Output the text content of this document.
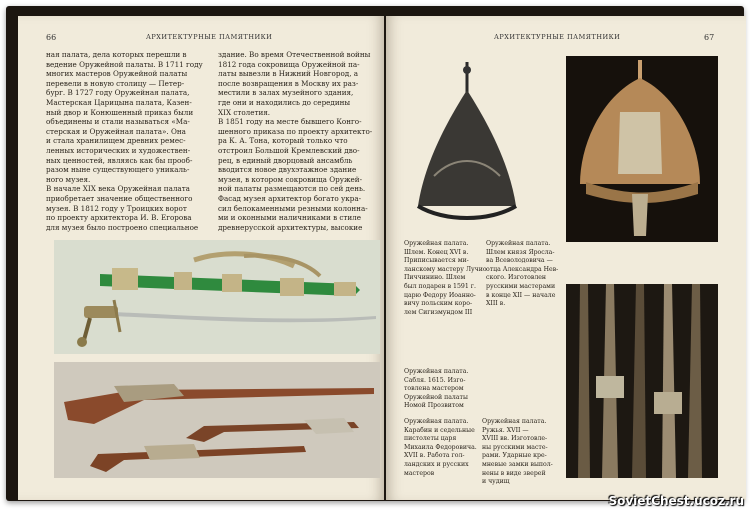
66	АРХИТЕКТУРНЫЕ ПАМЯТНИКИ
ная палата, дела которых перешли в
ведение Оружейной палаты. В 1711 году
многих мастеров Оружейной палаты
перевели в новую столицу — Петер-
бург. В 1727 году Оружейная палата,
Мастерская Царицына палата, Казен-
ный двор и Конюшенный приказ были
объединены и стали называться «Ма-
стерская и Оружейная палата». Она
и стала хранилищем древних ремес-
ленных исторических и художествен-
ных ценностей, являясь как бы прооб-
разом ныне существующего уникаль-
ного музея.
В начале XIX века Оружейная палата
приобретает значение общественного
музея. В 1812 году у Троицких ворот
по проекту архитектора И. В. Егорова
для музея было построено специальное
здание. Во время Отечественной войны
1812 года сокровища Оружейной па-
латы вывезли в Нижний Новгород, а
после возвращения в Москву их раз-
местили в залах музейного здания,
где они и находились до середины
XIX столетия.
В 1851 году на месте бывшего Конго-
шенного приказа по проекту архитекто-
ра К. А. Тона, который только что
отстроил Большой Кремлевский дво-
рец, в единый дворцовый ансамбль
вводится новое двухэтажное здание
музея, в котором сокровища Оружей-
ной палаты размещаются по сей день.
Фасад музея архитектор богато укра-
сил белокаменными резными колонна-
ми и оконными наличниками в стиле
древнерусской архитектуры, высокие
АРХИТЕКТУРНЫЕ ПАМЯТНИКИ	67
Оружейная палата.
Шлем. Конец XVI в.
Приписывается ми-
ланскому мастеру Лучио
Пиччинино. Шлем
был подарен в 1591 г.
царю Федору Иоанно-
вичу польским коро-
лем Сигизмундом III
Оружейная палата.
Шлем князя Яросла-
ва Всеволодовича —
отца Александра Нев-
ского. Изготовлен
русскими мастерами
в конце XII — начале
XIII в.
Оружейная палата.
Сабля. 1615. Изго-
товлена мастером
Оружейной палаты
Номой Прозвитом
Оружейная палата.
Карабин и седельные
пистолеты царя
Михаила Федоровича.
XVII в. Работа гол-
ландских и русских
мастеров
Оружейная палата.
Ружья. XVII —
XVIII вв. Изготовле-
ны русскими масте-
рами. Ударные кре-
мневые замки выпол-
нены в виде зверей
и чудищ
SovietChest.ucoz.ru
